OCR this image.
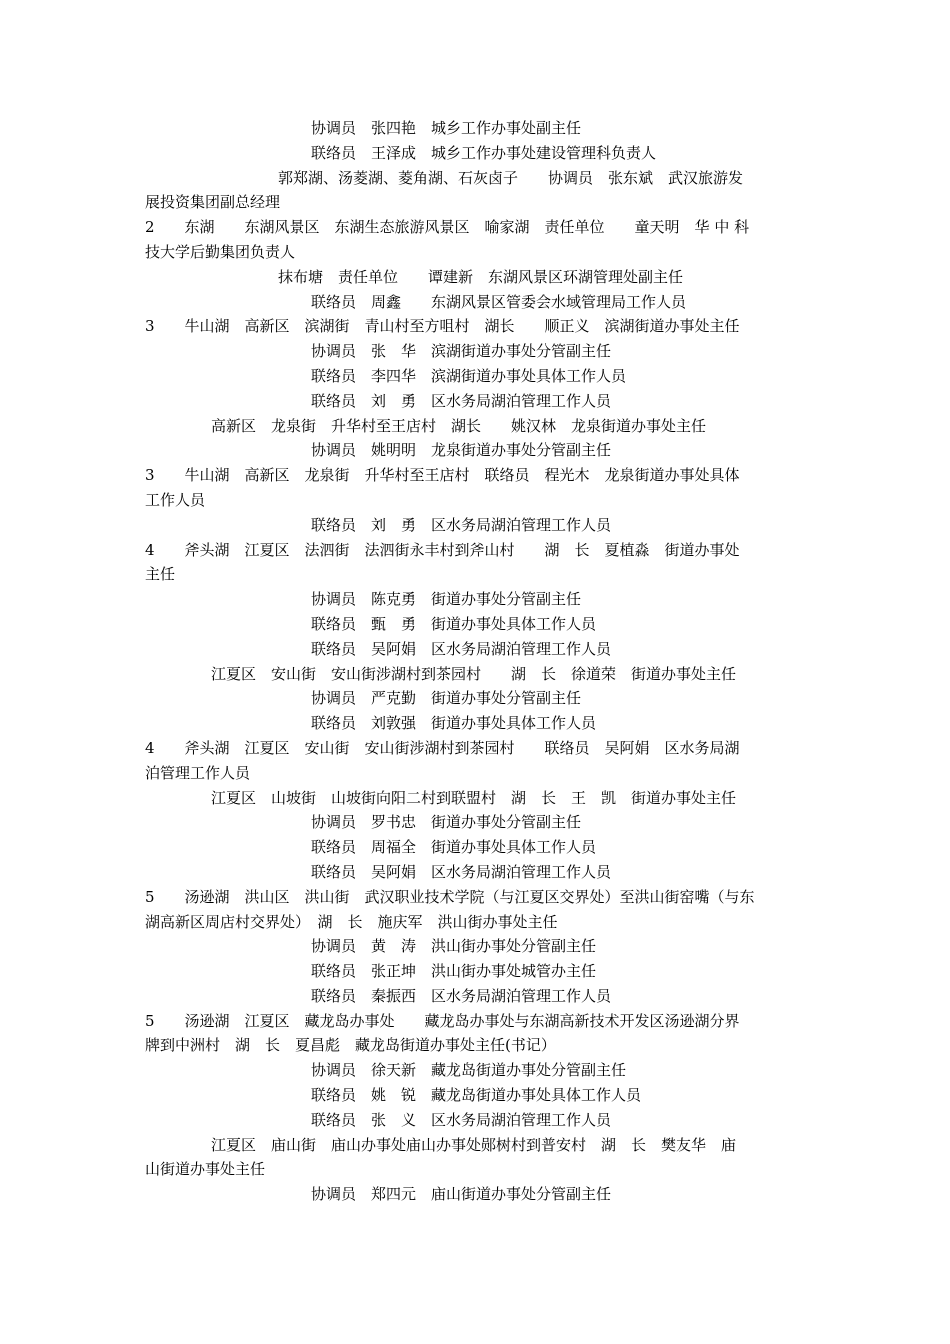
协调员　张四艳　城乡工作办事处副主任
联络员　王泽成　城乡工作办事处建设管理科负责人
郭郑湖、汤菱湖、菱角湖、石灰卤子　　协调员　张东斌　武汉旅游发
展投资集团副总经理
2　　东湖　　东湖风景区　东湖生态旅游风景区　喻家湖　责任单位　　童天明　华 中 科
技大学后勤集团负责人
抹布塘　责任单位　　谭建新　东湖风景区环湖管理处副主任
联络员　周鑫　　东湖风景区管委会水域管理局工作人员
3　　牛山湖　高新区　滨湖街　青山村至方咀村　湖长　　顺正义　滨湖街道办事处主任
协调员　张　华　滨湖街道办事处分管副主任
联络员　李四华　滨湖街道办事处具体工作人员
联络员　刘　勇　区水务局湖泊管理工作人员
高新区　龙泉街　升华村至王店村　湖长　　姚汉林　龙泉街道办事处主任
协调员　姚明明　龙泉街道办事处分管副主任
3　　牛山湖　高新区　龙泉街　升华村至王店村　联络员　程光木　龙泉街道办事处具体
工作人员
联络员　刘　勇　区水务局湖泊管理工作人员
4　　斧头湖　江夏区　法泗街　法泗街永丰村到斧山村　　湖　长　夏植淼　街道办事处
主任
协调员　陈克勇　街道办事处分管副主任
联络员　甄　勇　街道办事处具体工作人员
联络员　吴阿娟　区水务局湖泊管理工作人员
江夏区　安山街　安山街涉湖村到茶园村　　湖　长　徐道荣　街道办事处主任
协调员　严克勤　街道办事处分管副主任
联络员　刘敦强　街道办事处具体工作人员
4　　斧头湖　江夏区　安山街　安山街涉湖村到茶园村　　联络员　吴阿娟　区水务局湖
泊管理工作人员
江夏区　山坡街　山坡街向阳二村到联盟村　湖　长　王　凯　街道办事处主任
协调员　罗书忠　街道办事处分管副主任
联络员　周福全　街道办事处具体工作人员
联络员　吴阿娟　区水务局湖泊管理工作人员
5　　汤逊湖　洪山区　洪山街　武汉职业技术学院（与江夏区交界处）至洪山街窑嘴（与东
湖高新区周店村交界处）　湖　长　施庆军　洪山街办事处主任
协调员　黄　涛　洪山街办事处分管副主任
联络员　张正坤　洪山街办事处城管办主任
联络员　秦振西　区水务局湖泊管理工作人员
5　　汤逊湖　江夏区　藏龙岛办事处　　藏龙岛办事处与东湖高新技术开发区汤逊湖分界
牌到中洲村　湖　长　夏昌彪　藏龙岛街道办事处主任(书记）
协调员　徐天新　藏龙岛街道办事处分管副主任
联络员　姚　锐　藏龙岛街道办事处具体工作人员
联络员　张　义　区水务局湖泊管理工作人员
江夏区　庙山街　庙山办事处庙山办事处郧树村到普安村　湖　长　樊友华　庙
山街道办事处主任
协调员　郑四元　庙山街道办事处分管副主任
